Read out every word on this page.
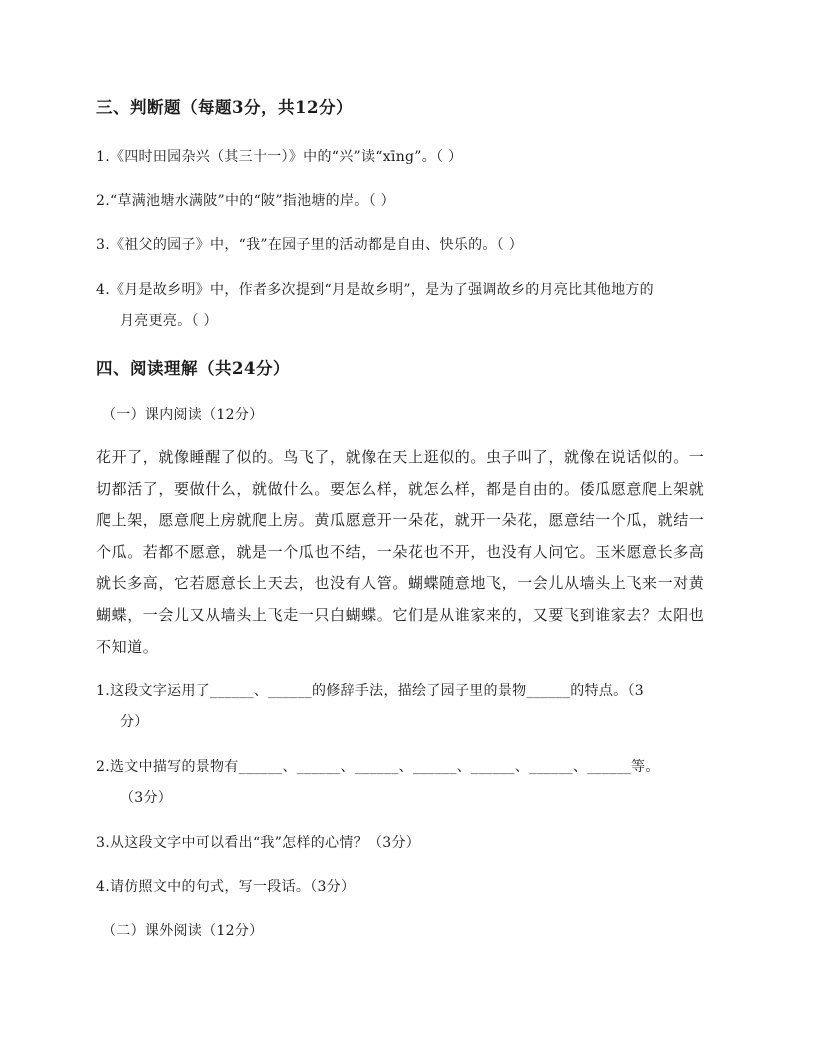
三、判断题（每题3分，共12分）
1.《四时田园杂兴（其三十一）》中的“兴”读“xīng”。（ ）
2.“草满池塘水满陂”中的“陂”指池塘的岸。（ ）
3.《祖父的园子》中，“我”在园子里的活动都是自由、快乐的。（ ）
4.《月是故乡明》中，作者多次提到“月是故乡明”，是为了强调故乡的月亮比其他地方的
月亮更亮。（ ）
四、阅读理解（共24分）
（一）课内阅读（12分）
花开了，就像睡醒了似的。鸟飞了，就像在天上逛似的。虫子叫了，就像在说话似的。一
切都活了，要做什么，就做什么。要怎么样，就怎么样，都是自由的。倭瓜愿意爬上架就
爬上架，愿意爬上房就爬上房。黄瓜愿意开一朵花，就开一朵花，愿意结一个瓜，就结一
个瓜。若都不愿意，就是一个瓜也不结，一朵花也不开，也没有人问它。玉米愿意长多高
就长多高，它若愿意长上天去，也没有人管。蝴蝶随意地飞，一会儿从墙头上飞来一对黄
蝴蝶，一会儿又从墙头上飞走一只白蝴蝶。它们是从谁家来的，又要飞到谁家去？太阳也
不知道。
1.这段文字运用了______、______的修辞手法，描绘了园子里的景物______的特点。（3
分）
2.选文中描写的景物有______、______、______、______、______、______、______等。
（3分）
3.从这段文字中可以看出“我”怎样的心情？（3分）
4.请仿照文中的句式，写一段话。（3分）
（二）课外阅读（12分）
